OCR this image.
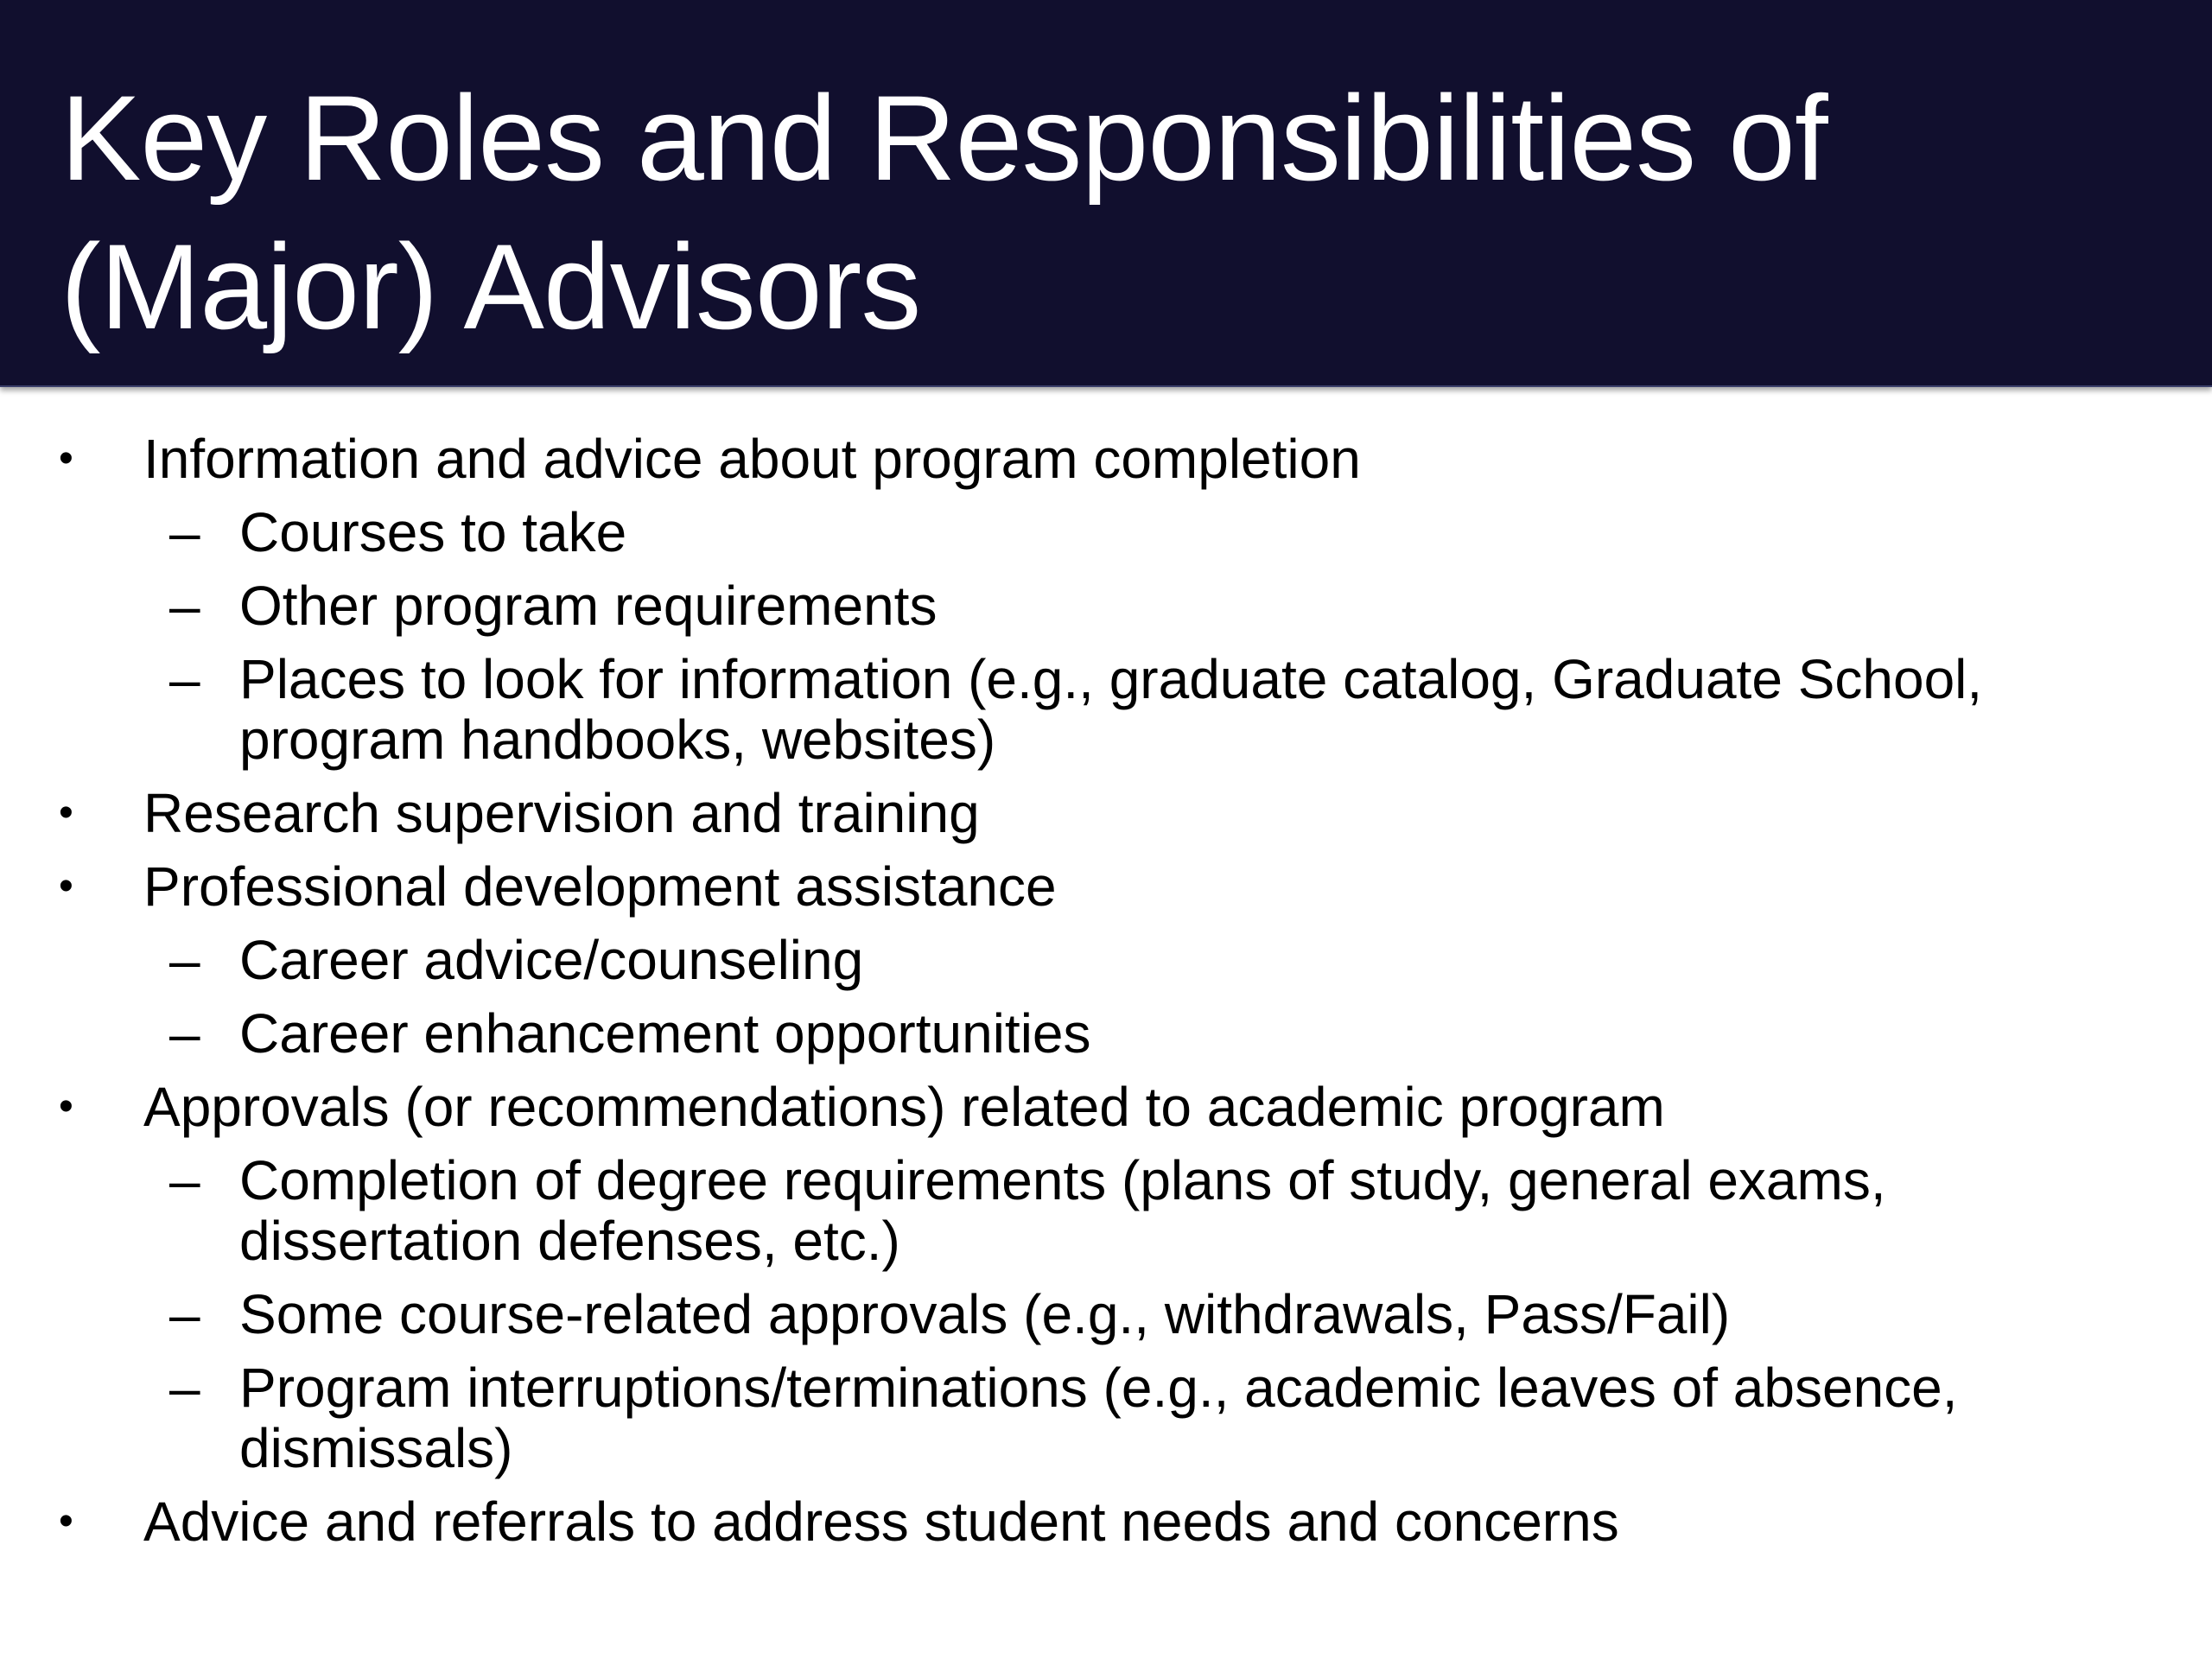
Key Roles and Responsibilities of (Major) Advisors
• Information and advice about program completion
– Courses to take
– Other program requirements
– Places to look for information (e.g., graduate catalog, Graduate School, program handbooks, websites)
• Research supervision and training
• Professional development assistance
– Career advice/counseling
– Career enhancement opportunities
• Approvals (or recommendations) related to academic program
– Completion of degree requirements (plans of study, general exams, dissertation defenses, etc.)
– Some course-related approvals (e.g., withdrawals, Pass/Fail)
– Program interruptions/terminations (e.g., academic leaves of absence, dismissals)
• Advice and referrals to address student needs and concerns
